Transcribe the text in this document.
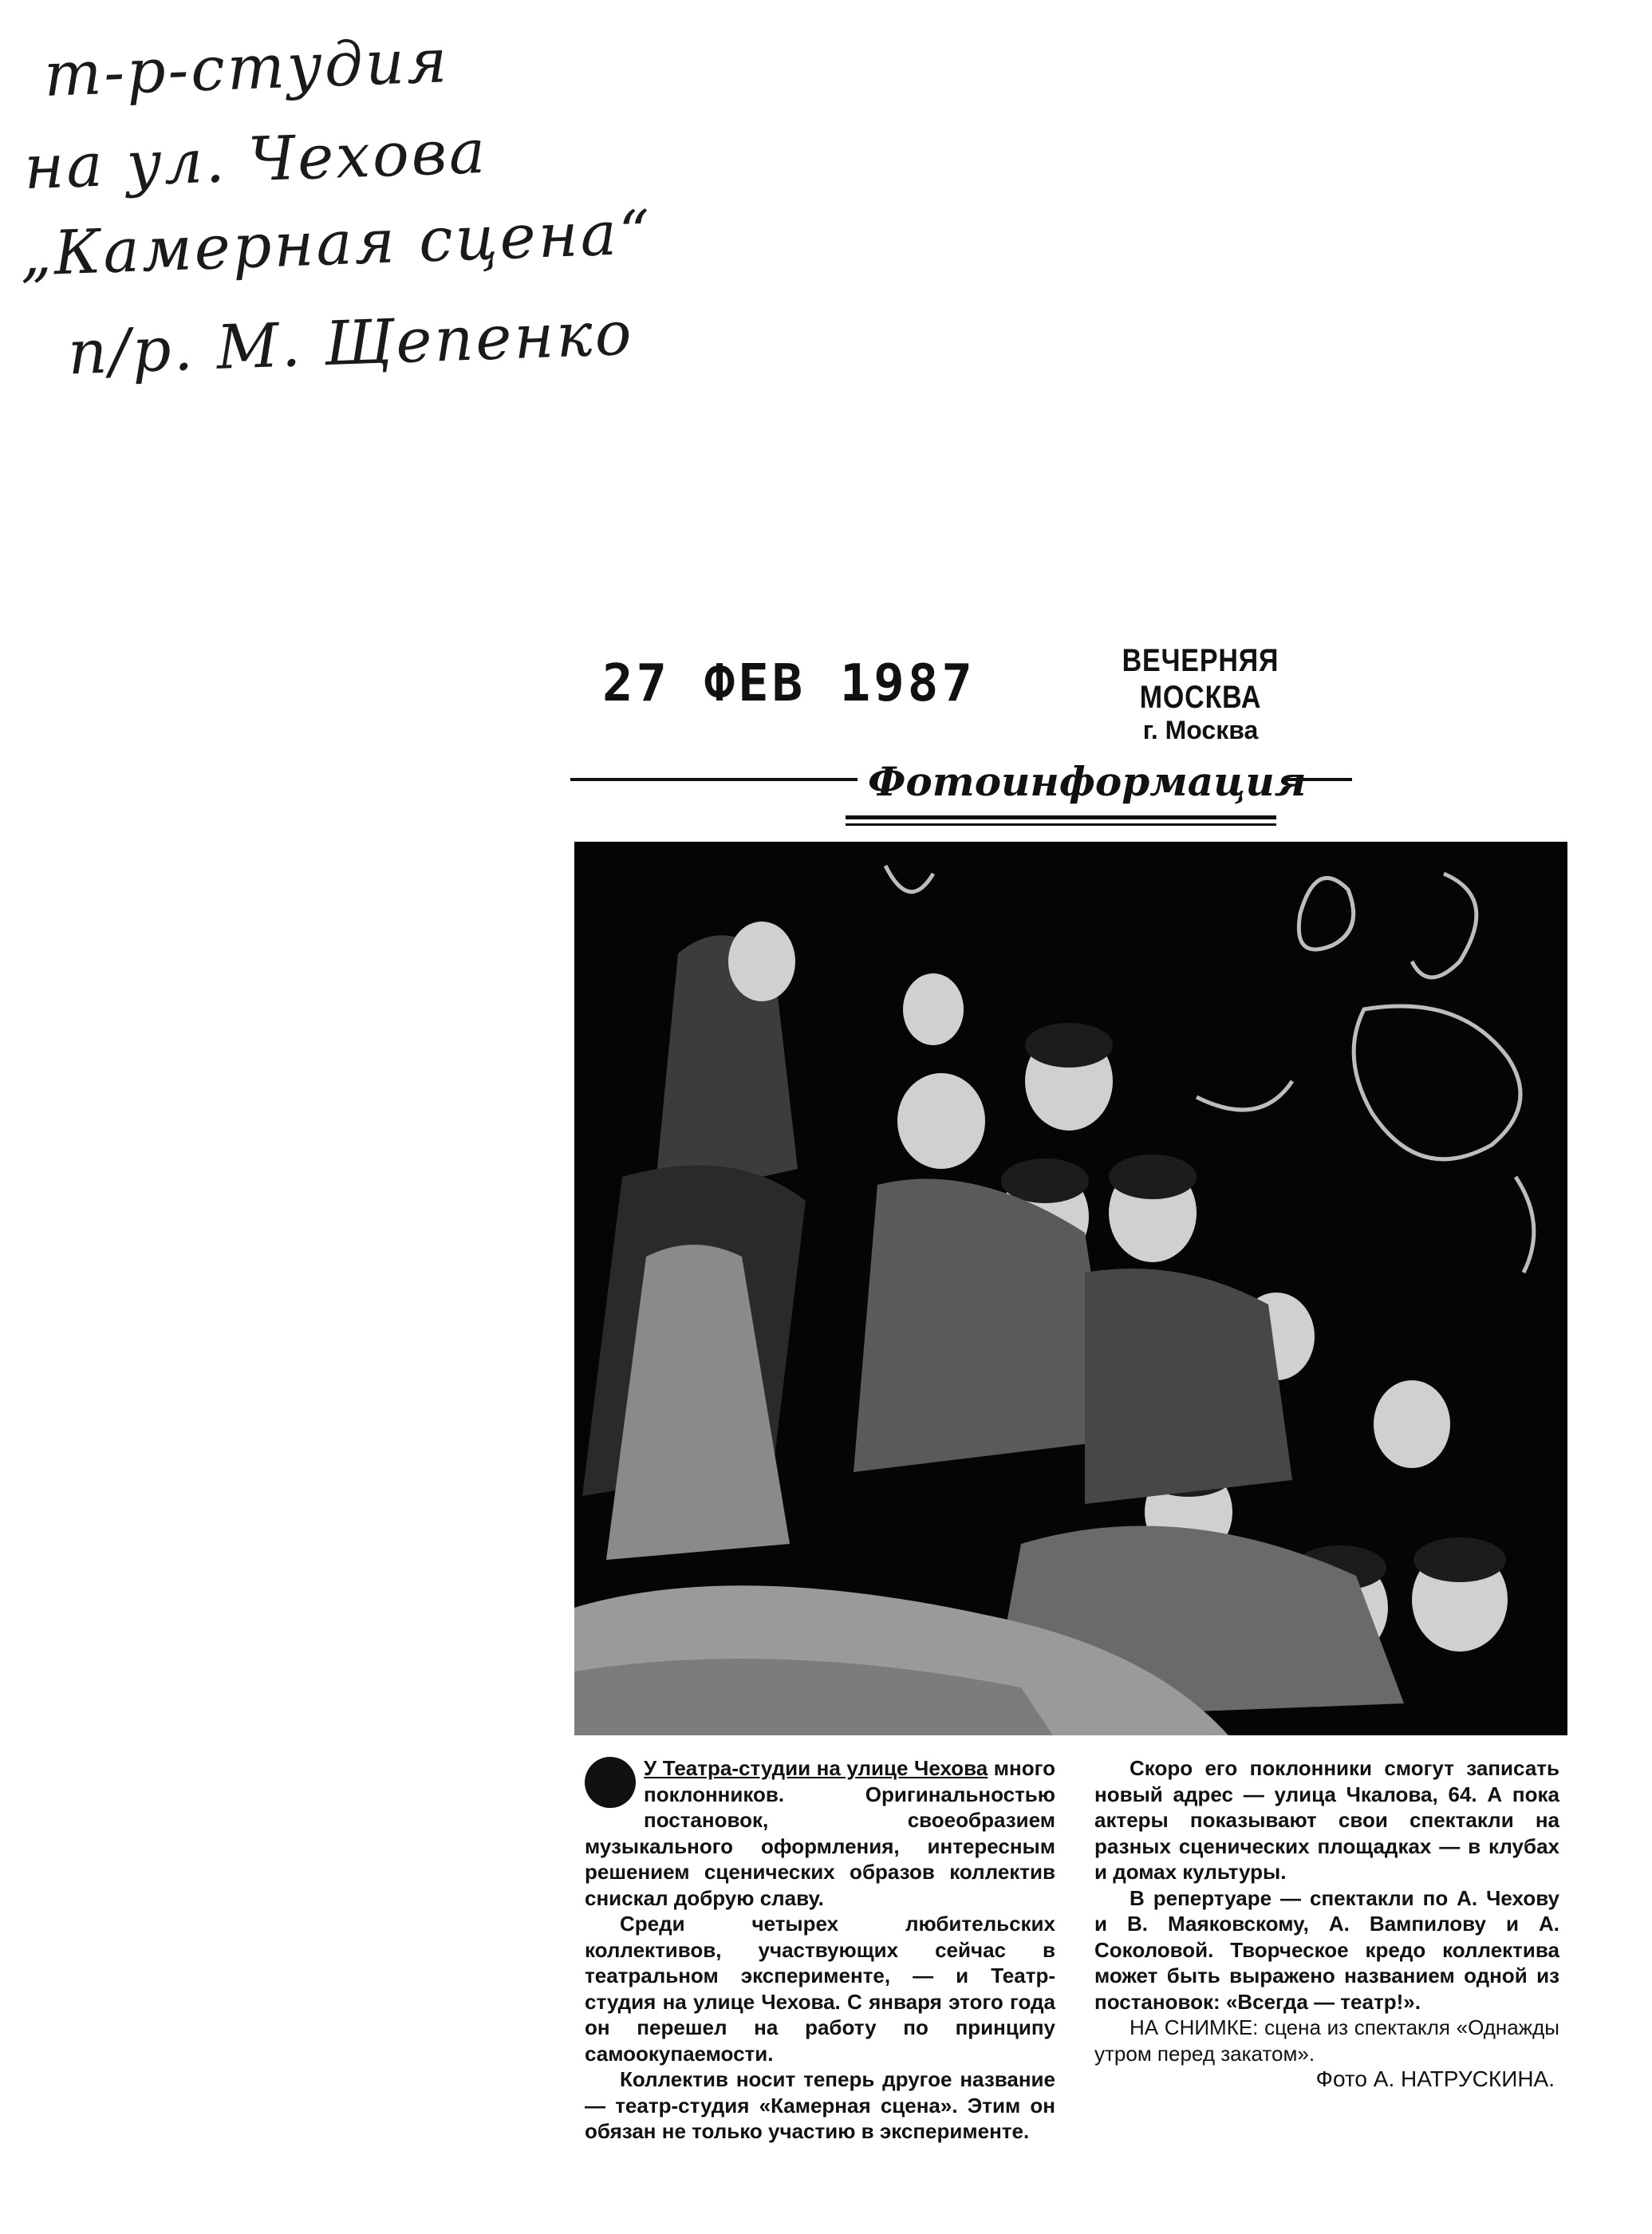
т-р-студия
на ул. Чехова
„Камерная сцена“
п/р. М. Щепенко
27 ФЕВ 1987	ВЕЧЕРНЯЯ МОСКВА
г. Москва
Фотоинформация

У Театра-студии на улице Чехова много поклонников. Оригинальностью постановок, своеобразием музыкального оформления, интересным решением сценических образов коллектив снискал добрую славу.

Среди четырех любительских коллективов, участвующих сейчас в театральном эксперименте, — и Театр-студия на улице Чехова. С января этого года он перешел на работу по принципу самоокупаемости.

Коллектив носит теперь другое название — театр-студия «Камерная сцена». Этим он обязан не только участию в эксперименте.

Скоро его поклонники смогут записать новый адрес — улица Чкалова, 64. А пока актеры показывают свои спектакли на разных сценических площадках — в клубах и домах культуры.

В репертуаре — спектакли по А. Чехову и В. Маяковскому, А. Вампилову и А. Соколовой. Творческое кредо коллектива может быть выражено названием одной из постановок: «Всегда — театр!».

НА СНИМКЕ: сцена из спектакля «Однажды утром перед закатом».

Фото А. НАТРУСКИНА.
